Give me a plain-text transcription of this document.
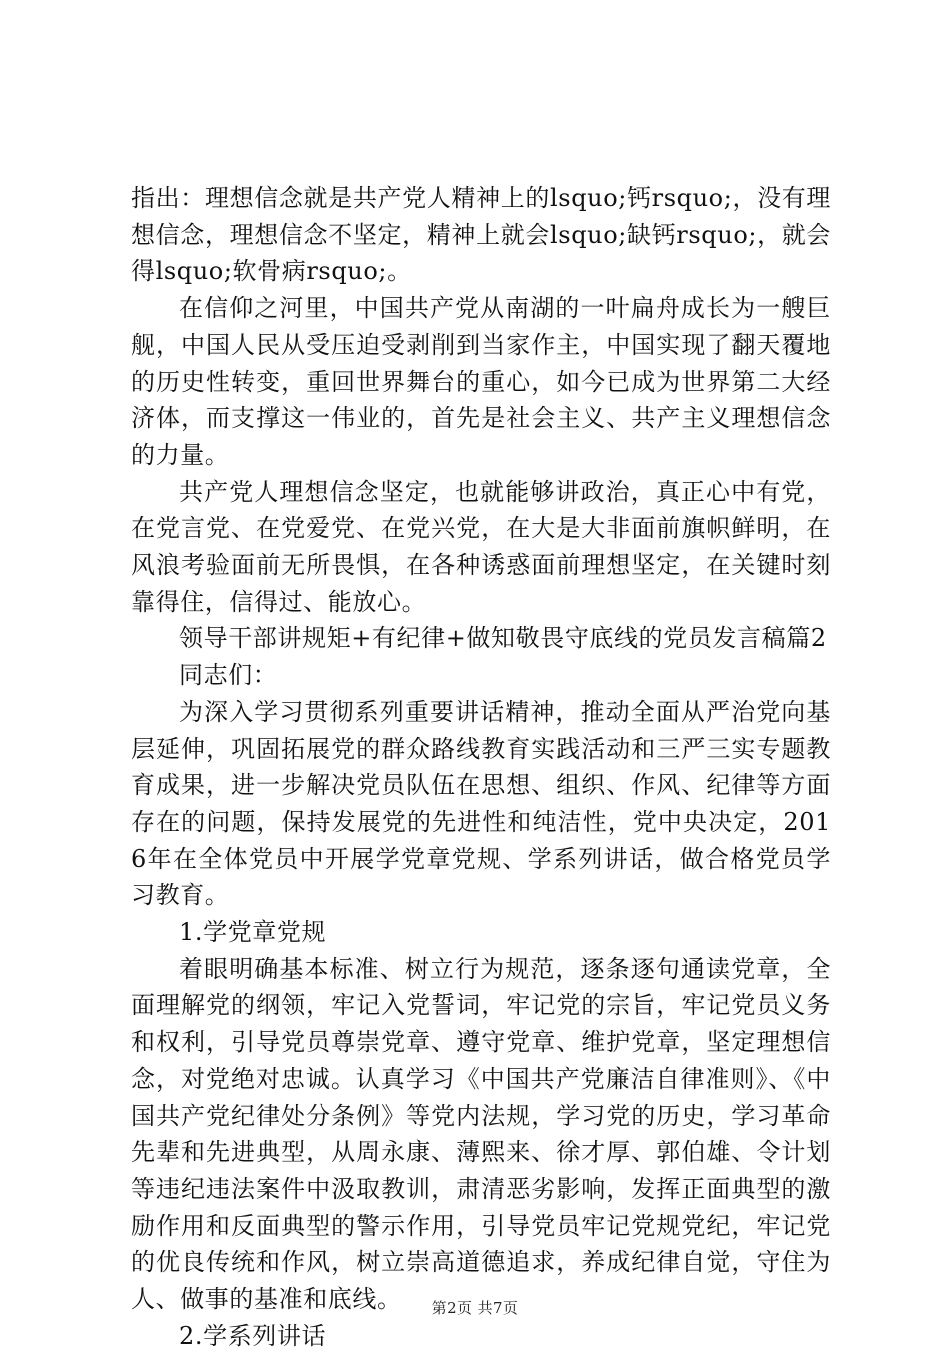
指出：理想信念就是共产党人精神上的lsquo;钙rsquo;，没有理想信念，理想信念不坚定，精神上就会lsquo;缺钙rsquo;，就会得lsquo;软骨病rsquo;。

在信仰之河里，中国共产党从南湖的一叶扁舟成长为一艘巨舰，中国人民从受压迫受剥削到当家作主，中国实现了翻天覆地的历史性转变，重回世界舞台的重心，如今已成为世界第二大经济体，而支撑这一伟业的，首先是社会主义、共产主义理想信念的力量。

共产党人理想信念坚定，也就能够讲政治，真正心中有党，在党言党、在党爱党、在党兴党，在大是大非面前旗帜鲜明，在风浪考验面前无所畏惧，在各种诱惑面前理想坚定，在关键时刻靠得住，信得过、能放心。

领导干部讲规矩+有纪律+做知敬畏守底线的党员发言稿篇2

同志们：

为深入学习贯彻系列重要讲话精神，推动全面从严治党向基层延伸，巩固拓展党的群众路线教育实践活动和三严三实专题教育成果，进一步解决党员队伍在思想、组织、作风、纪律等方面存在的问题，保持发展党的先进性和纯洁性，党中央决定，2016年在全体党员中开展学党章党规、学系列讲话，做合格党员学习教育。

1.学党章党规

着眼明确基本标准、树立行为规范，逐条逐句通读党章，全面理解党的纲领，牢记入党誓词，牢记党的宗旨，牢记党员义务和权利，引导党员尊崇党章、遵守党章、维护党章，坚定理想信念，对党绝对忠诚。认真学习《中国共产党廉洁自律准则》、《中国共产党纪律处分条例》等党内法规，学习党的历史，学习革命先辈和先进典型，从周永康、薄熙来、徐才厚、郭伯雄、令计划等违纪违法案件中汲取教训，肃清恶劣影响，发挥正面典型的激励作用和反面典型的警示作用，引导党员牢记党规党纪，牢记党的优良传统和作风，树立崇高道德追求，养成纪律自觉，守住为人、做事的基准和底线。

2.学系列讲话

第2页 共7页
